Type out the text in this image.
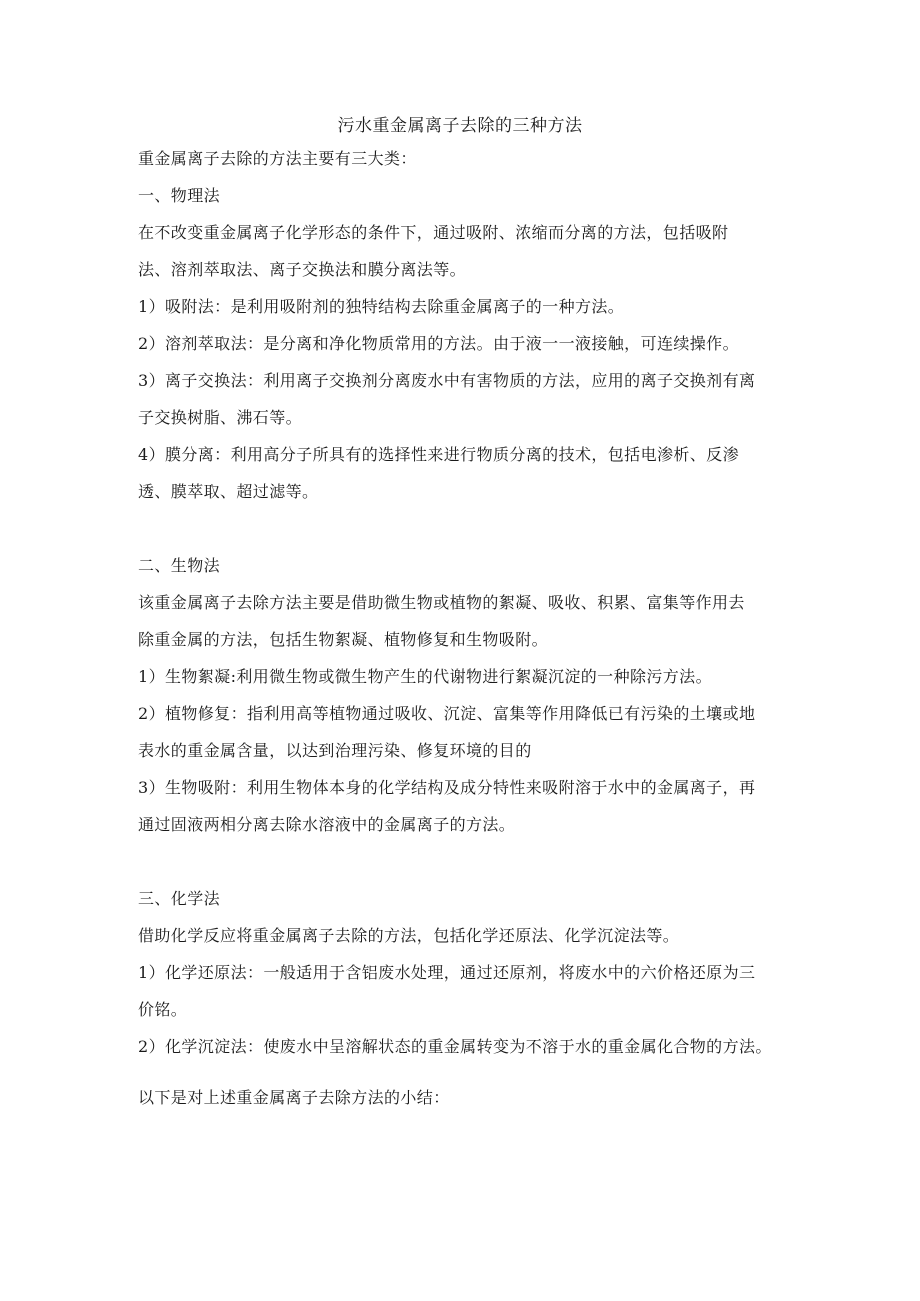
污水重金属离子去除的三种方法
重金属离子去除的方法主要有三大类：
一、物理法
在不改变重金属离子化学形态的条件下，通过吸附、浓缩而分离的方法，包括吸附
法、溶剂萃取法、离子交换法和膜分离法等。
1）吸附法：是利用吸附剂的独特结构去除重金属离子的一种方法。
2）溶剂萃取法：是分离和净化物质常用的方法。由于液一一液接触，可连续操作。
3）离子交换法：利用离子交换剂分离废水中有害物质的方法，应用的离子交换剂有离
子交换树脂、沸石等。
4）膜分离：利用高分子所具有的选择性来进行物质分离的技术，包括电渗析、反渗
透、膜萃取、超过滤等。
二、生物法
该重金属离子去除方法主要是借助微生物或植物的絮凝、吸收、积累、富集等作用去
除重金属的方法，包括生物絮凝、植物修复和生物吸附。
1）生物絮凝:利用微生物或微生物产生的代谢物进行絮凝沉淀的一种除污方法。
2）植物修复：指利用高等植物通过吸收、沉淀、富集等作用降低已有污染的土壤或地
表水的重金属含量，以达到治理污染、修复环境的目的
3）生物吸附：利用生物体本身的化学结构及成分特性来吸附溶于水中的金属离子，再
通过固液两相分离去除水溶液中的金属离子的方法。
三、化学法
借助化学反应将重金属离子去除的方法，包括化学还原法、化学沉淀法等。
1）化学还原法：一般适用于含铝废水处理，通过还原剂，将废水中的六价格还原为三
价铭。
2）化学沉淀法：使废水中呈溶解状态的重金属转变为不溶于水的重金属化合物的方法。
以下是对上述重金属离子去除方法的小结：
